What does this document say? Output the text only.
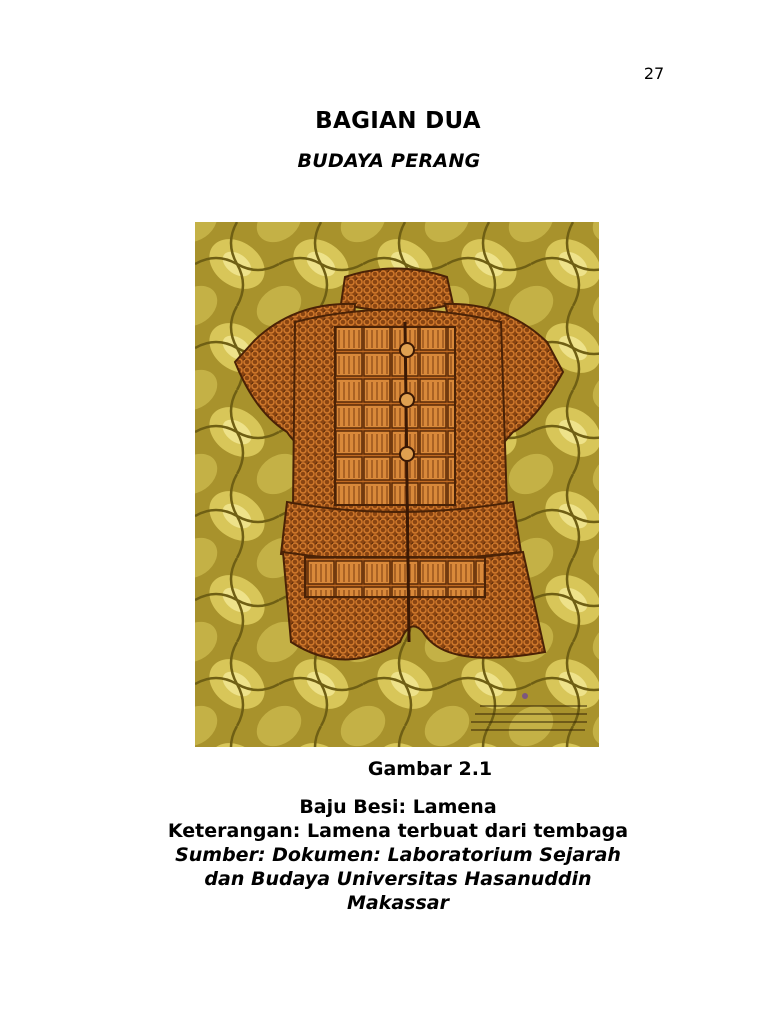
27
BAGIAN DUA
BUDAYA PERANG
Gambar 2.1
Baju Besi: Lamena
Keterangan: Lamena terbuat dari tembaga
Sumber: Dokumen: Laboratorium Sejarah
dan Budaya Universitas Hasanuddin
Makassar
